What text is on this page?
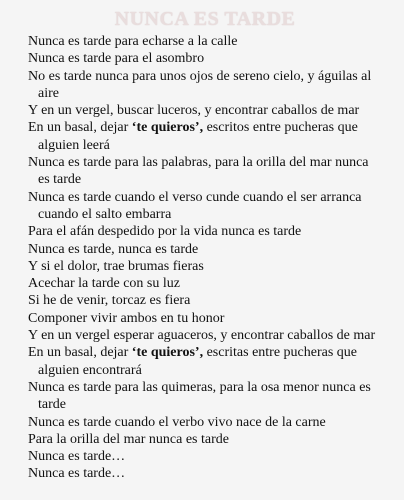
NUNCA ES TARDE

Nunca es tarde para echarse a la calle

Nunca es tarde para el asombro

No es tarde nunca para unos ojos de sereno cielo, y águilas al aire

Y en un vergel, buscar luceros, y encontrar caballos de mar

En un basal, dejar ‘te quieros’, escritos entre pucheras que alguien leerá

Nunca es tarde para las palabras, para la orilla del mar nunca es tarde

Nunca es tarde cuando el verso cunde cuando el ser arranca cuando el salto embarra

Para el afán despedido por la vida nunca es tarde

Nunca es tarde, nunca es tarde

Y si el dolor, trae brumas fieras

Acechar la tarde con su luz

Si he de venir, torcaz es fiera

Componer vivir ambos en tu honor

Y en un vergel esperar aguaceros, y encontrar caballos de mar

En un basal, dejar ‘te quieros’, escritas entre pucheras que alguien encontrará

Nunca es tarde para las quimeras, para la osa menor nunca es tarde

Nunca es tarde cuando el verbo vivo nace de la carne

Para la orilla del mar nunca es tarde

Nunca es tarde…

Nunca es tarde…
